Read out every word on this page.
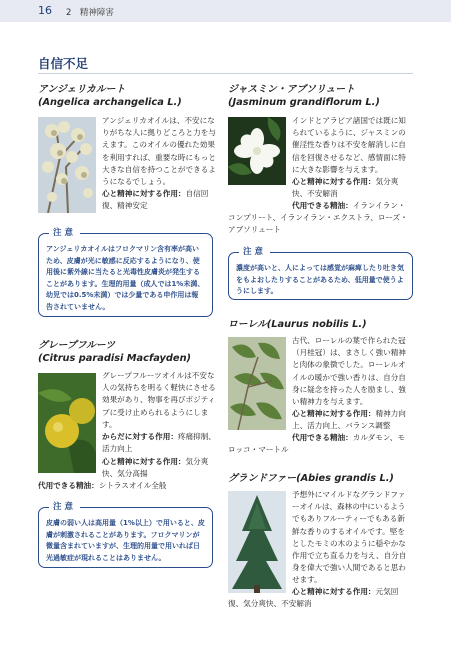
16 2　精神障害
自信不足
アンジェリカルート
(Angelica archangelica L.)
アンジェリカオイルは、不安になりがちな人に拠りどころと力を与えます。このオイルの優れた効果を利用すれば、重要な時にもっと大きな自信を持つことができるようになるでしょう。
心と精神に対する作用：自信回復、精神安定
注意
アンジェリカオイルはフロクマリン含有率が高いため、皮膚が光に敏感に反応するようになり、使用後に紫外線に当たると光毒性皮膚炎が発生することがあります。生理的用量（成人では1%未満、幼児では0.5%未満）では少量である申作用は報告されていません。
グレープフルーツ
(Citrus paradisi Macfayden)
グレープフルーツオイルは不安な人の気持ちを明るく軽快にさせる効果があり、物事を再びポジティブに受け止められるようにします。
からだに対する作用：疼痛抑制、活力向上
心と精神に対する作用：気分爽快、気分高揚
代用できる精油：シトラスオイル全般
注意
皮膚の弱い人は高用量（1%以上）で用いると、皮膚が刺激されることがあります。フロクマリンが微量含まれていますが、生理的用量で用いれば日光過敏症が現れることはありません。
ジャスミン・アブソリュート
(Jasminum grandiflorum L.)
インドとアラビア諸国では既に知られているように、ジャスミンの催淫性な香りは不安を解消しに自信を回復させるなど、感情面に特に大きな影響を与えます。
心と精神に対する作用：気分爽快、不安解消
代用できる精油：イランイラン・コンプリート、イランイラン・エクストラ、ローズ・アブソリュート
注意
濃度が高いと、人によっては感覚が麻痺したり吐き気をもよおしたりすることがあるため、低用量で使うようにします。
ローレル(Laurus nobilis L.)
古代、ローレルの葉で作られた冠（月桂冠）は、まさしく強い精神と肉体の象徴でした。ローレルオイルの暖かで強い香りは、自分自身に疑念を持った人を励まし、強い精神力を与えます。
心と精神に対する作用：精神力向上、活力向上、バランス調整
代用できる精油：カルダモン、モロッコ・マートル
グランドファー(Abies grandis L.)
予想外にマイルドなグランドファーオイルは、森林の中にいるようでもありフルーティーでもある新鮮な香りのするオイルです。堅をとしたモミの木のように穏やかな作用で立ち直る力を与え、自分自身を偉大で強い人間であると思わせます。
心と精神に対する作用：元気回復、気分爽快、不安解消
